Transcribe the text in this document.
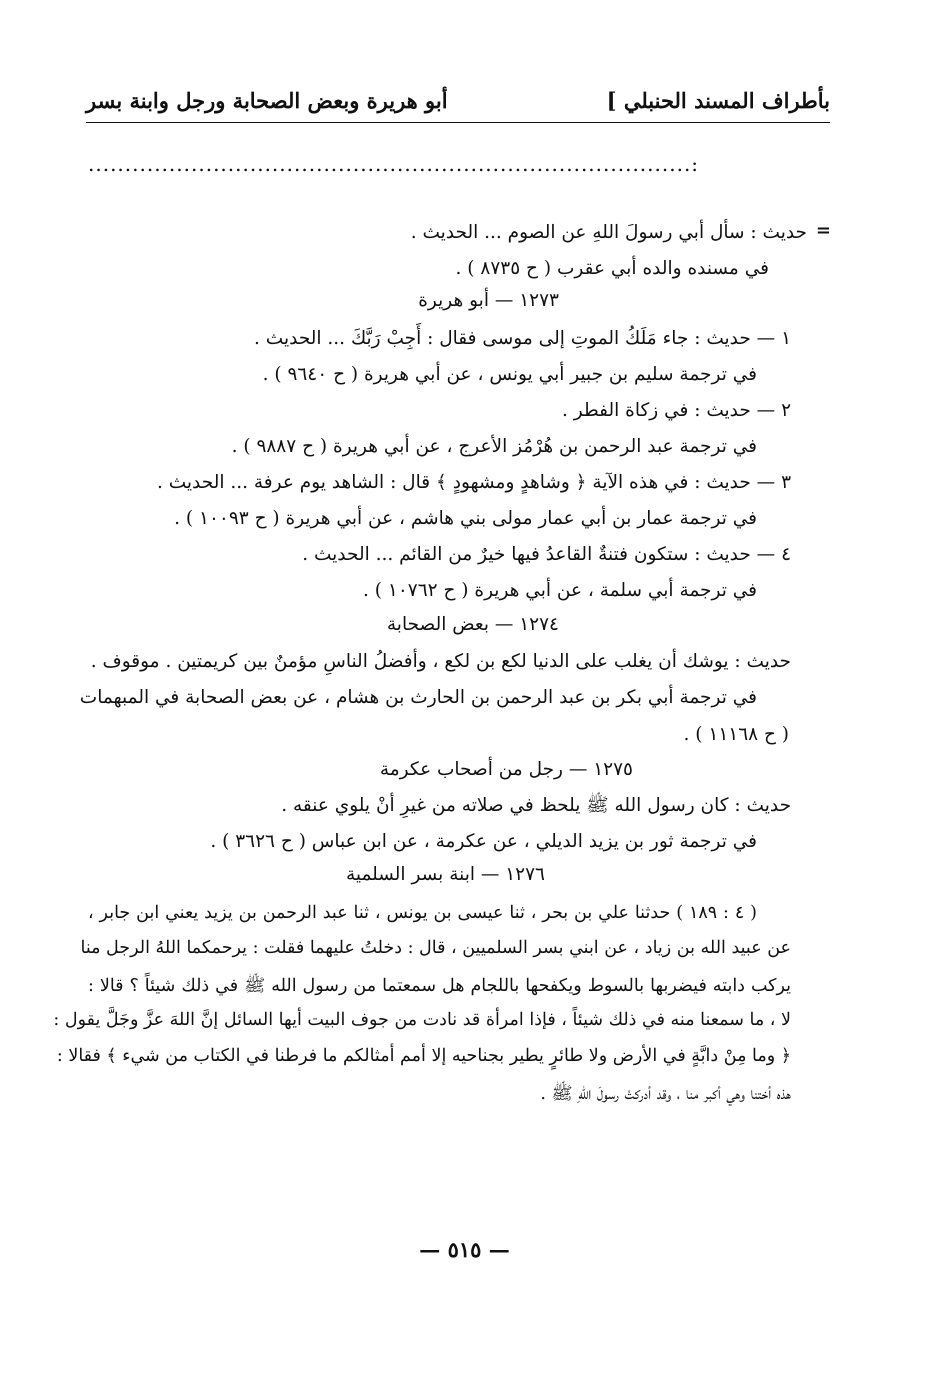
بأطراف المسند الحنبلي ]
أبو هريرة وبعض الصحابة ورجل وابنة بسر
..................................................................................:
=
حديث : سأل أبي رسولَ اللهِ عن الصوم ... الحديث .
في مسنده والده أبي عقرب ( ح ٨٧٣٥ ) .
١٢٧٣ — أبو هريرة
١ — حديث : جاء مَلَكُ الموتِ إلى موسى فقال : أَجِبْ رَبَّكَ ... الحديث .
في ترجمة سليم بن جبير أبي يونس ، عن أبي هريرة ( ح ٩٦٤٠ ) .
٢ — حديث : في زكاة الفطر .
في ترجمة عبد الرحمن بن هُرْمُز الأعرج ، عن أبي هريرة ( ح ٩٨٨٧ ) .
٣ — حديث : في هذه الآية ﴿ وشاهدٍ ومشهودٍ ﴾ قال : الشاهد يوم عرفة ... الحديث .
في ترجمة عمار بن أبي عمار مولى بني هاشم ، عن أبي هريرة ( ح ١٠٠٩٣ ) .
٤ — حديث : ستكون فتنةٌ القاعدُ فيها خيرٌ من القائم ... الحديث .
في ترجمة أبي سلمة ، عن أبي هريرة ( ح ١٠٧٦٢ ) .
١٢٧٤ — بعض الصحابة
حديث : يوشك أن يغلب على الدنيا لكع بن لكع ، وأفضلُ الناسِ مؤمنٌ بين كريمتين . موقوف .
في ترجمة أبي بكر بن عبد الرحمن بن الحارث بن هشام ، عن بعض الصحابة في المبهمات
( ح ١١١٦٨ ) .
١٢٧٥ — رجل من أصحاب عكرمة
حديث : كان رسول الله ﷺ يلحظ في صلاته من غيرِ أنْ يلوي عنقه .
في ترجمة ثور بن يزيد الديلي ، عن عكرمة ، عن ابن عباس ( ح ٣٦٢٦ ) .
١٢٧٦ — ابنة بسر السلمية
( ٤ : ١٨٩ ) حدثنا علي بن بحر ، ثنا عيسى بن يونس ، ثنا عبد الرحمن بن يزيد يعني ابن جابر ،
عن عبيد الله بن زياد ، عن ابني بسر السلميين ، قال : دخلتُ عليهما فقلت : يرحمكما اللهُ الرجل منا
يركب دابته فيضربها بالسوط ويكفحها باللجام هل سمعتما من رسول الله ﷺ في ذلك شيئاً ؟ قالا :
لا ، ما سمعنا منه في ذلك شيئاً ، فإذا امرأة قد نادت من جوف البيت أيها السائل إنَّ اللهَ عزَّ وجَلَّ يقول :
﴿ وما مِنْ دابَّةٍ في الأرض ولا طائرٍ يطير بجناحيه إلا أمم أمثالكم ما فرطنا في الكتاب من شيء ﴾ فقالا :
هذه أختنا وهي أكبر منا ، وقد أدركتْ رسولَ اللهِ ﷺ .
— ٥١٥ —
